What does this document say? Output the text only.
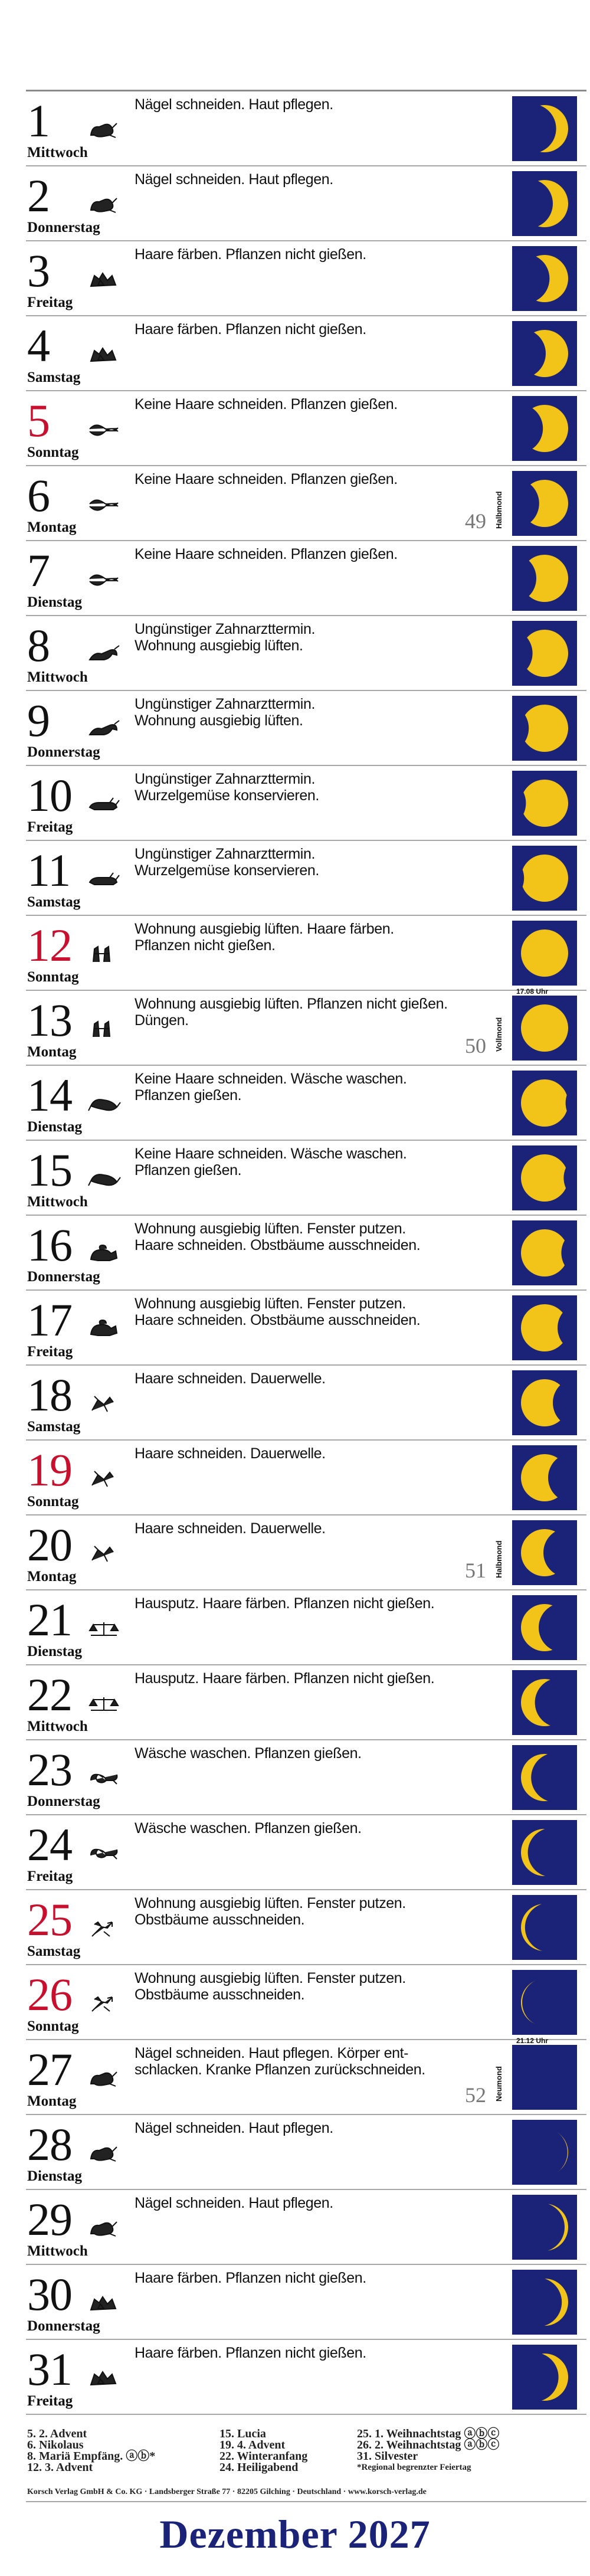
1
Mittwoch
Nägel schneiden. Haut pflegen.
2
Donnerstag
Nägel schneiden. Haut pflegen.
3
Freitag
Haare färben. Pflanzen nicht gießen.
4
Samstag
Haare färben. Pflanzen nicht gießen.
5
Sonntag
Keine Haare schneiden. Pflanzen gießen.
6
Montag
Keine Haare schneiden. Pflanzen gießen.
49 Halbmond
7
Dienstag
Keine Haare schneiden. Pflanzen gießen.
8
Mittwoch
Ungünstiger Zahnarzttermin.
Wohnung ausgiebig lüften.
9
Donnerstag
Ungünstiger Zahnarzttermin.
Wohnung ausgiebig lüften.
10
Freitag
Ungünstiger Zahnarzttermin.
Wurzelgemüse konservieren.
11
Samstag
Ungünstiger Zahnarzttermin.
Wurzelgemüse konservieren.
12
Sonntag
Wohnung ausgiebig lüften. Haare färben.
Pflanzen nicht gießen.
13
Montag
Wohnung ausgiebig lüften. Pflanzen nicht gießen.
Düngen.
50 Vollmond
17.08 Uhr
14
Dienstag
Keine Haare schneiden. Wäsche waschen.
Pflanzen gießen.
15
Mittwoch
Keine Haare schneiden. Wäsche waschen.
Pflanzen gießen.
16
Donnerstag
Wohnung ausgiebig lüften. Fenster putzen.
Haare schneiden. Obstbäume ausschneiden.
17
Freitag
Wohnung ausgiebig lüften. Fenster putzen.
Haare schneiden. Obstbäume ausschneiden.
18
Samstag
Haare schneiden. Dauerwelle.
19
Sonntag
Haare schneiden. Dauerwelle.
20
Montag
Haare schneiden. Dauerwelle.
51 Halbmond
21
Dienstag
Hausputz. Haare färben. Pflanzen nicht gießen.
22
Mittwoch
Hausputz. Haare färben. Pflanzen nicht gießen.
23
Donnerstag
Wäsche waschen. Pflanzen gießen.
24
Freitag
Wäsche waschen. Pflanzen gießen.
25
Samstag
Wohnung ausgiebig lüften. Fenster putzen.
Obstbäume ausschneiden.
26
Sonntag
Wohnung ausgiebig lüften. Fenster putzen.
Obstbäume ausschneiden.
27
Montag
Nägel schneiden. Haut pflegen. Körper ent-
schlacken. Kranke Pflanzen zurückschneiden.
52 Neumond
21.12 Uhr
28
Dienstag
Nägel schneiden. Haut pflegen.
29
Mittwoch
Nägel schneiden. Haut pflegen.
30
Donnerstag
Haare färben. Pflanzen nicht gießen.
31
Freitag
Haare färben. Pflanzen nicht gießen.
5. 2. Advent
6. Nikolaus
8. Mariä Empfäng. ⓐⓑ*
12. 3. Advent
15. Lucia
19. 4. Advent
22. Winteranfang
24. Heiligabend
25. 1. Weihnachtstag ⓐⓑⓒ
26. 2. Weihnachtstag ⓐⓑⓒ
31. Silvester
*Regional begrenzter Feiertag
Korsch Verlag GmbH & Co. KG · Landsberger Straße 77 · 82205 Gilching · Deutschland · www.korsch-verlag.de
Dezember 2027
